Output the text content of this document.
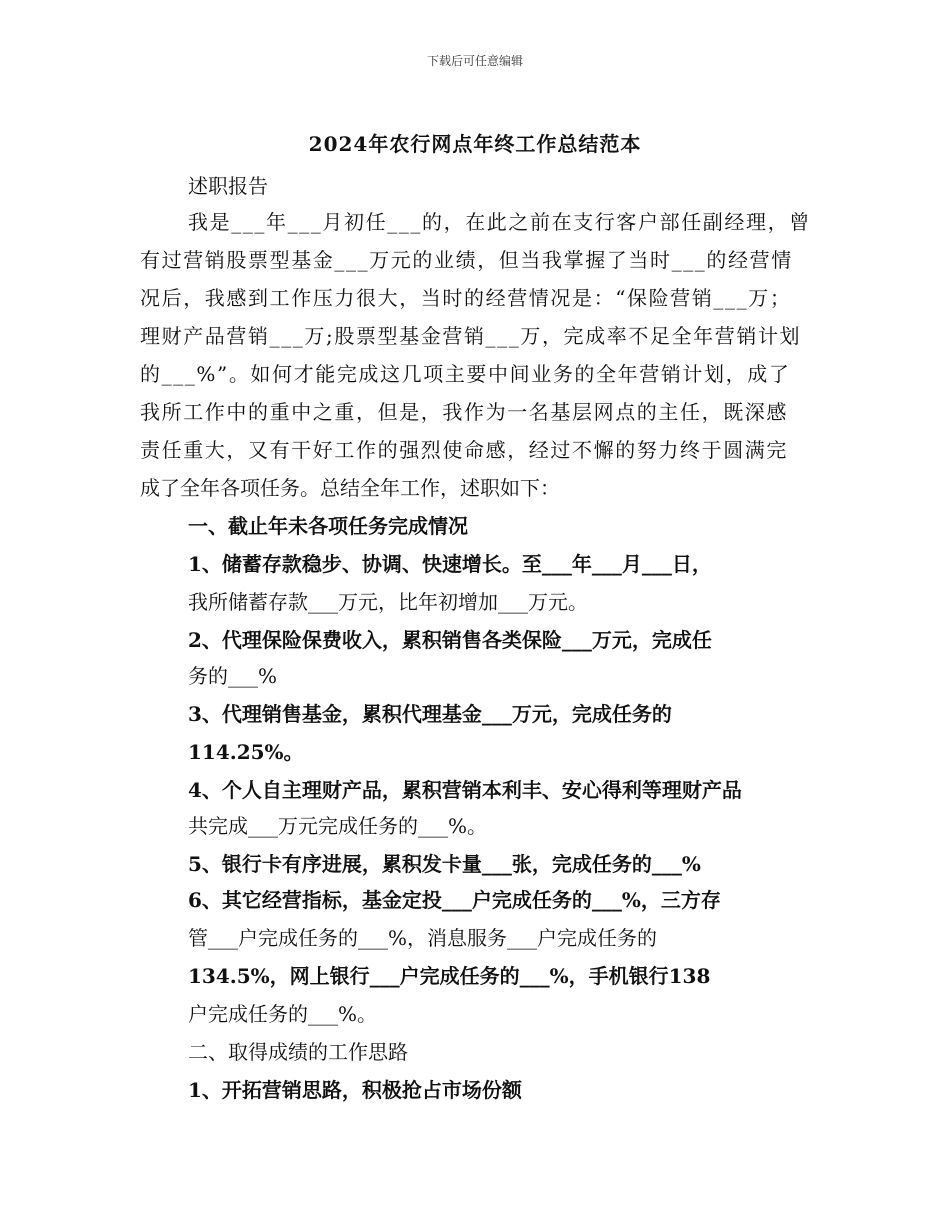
下载后可任意编辑
2024年农行网点年终工作总结范本
述职报告
我是___年___月初任___的，在此之前在支行客户部任副经理，曾
有过营销股票型基金___万元的业绩，但当我掌握了当时___的经营情
况后，我感到工作压力很大，当时的经营情况是：“保险营销___万；
理财产品营销___万;股票型基金营销___万，完成率不足全年营销计划
的___%”。如何才能完成这几项主要中间业务的全年营销计划，成了
我所工作中的重中之重，但是，我作为一名基层网点的主任，既深感
责任重大，又有干好工作的强烈使命感，经过不懈的努力终于圆满完
成了全年各项任务。总结全年工作，述职如下：
一、截止年未各项任务完成情况
1、储蓄存款稳步、协调、快速增长。至___年___月___日，
我所储蓄存款___万元，比年初增加___万元。
2、代理保险保费收入，累积销售各类保险___万元，完成任
务的___%
3、代理销售基金，累积代理基金___万元，完成任务的
114.25%。
4、个人自主理财产品，累积营销本利丰、安心得利等理财产品
共完成___万元完成任务的___%。
5、银行卡有序进展，累积发卡量___张，完成任务的___%
6、其它经营指标，基金定投___户完成任务的___%，三方存
管___户完成任务的___%，消息服务___户完成任务的
134.5%，网上银行___户完成任务的___%，手机银行138
户完成任务的___%。
二、取得成绩的工作思路
1、开拓营销思路，积极抢占市场份额
